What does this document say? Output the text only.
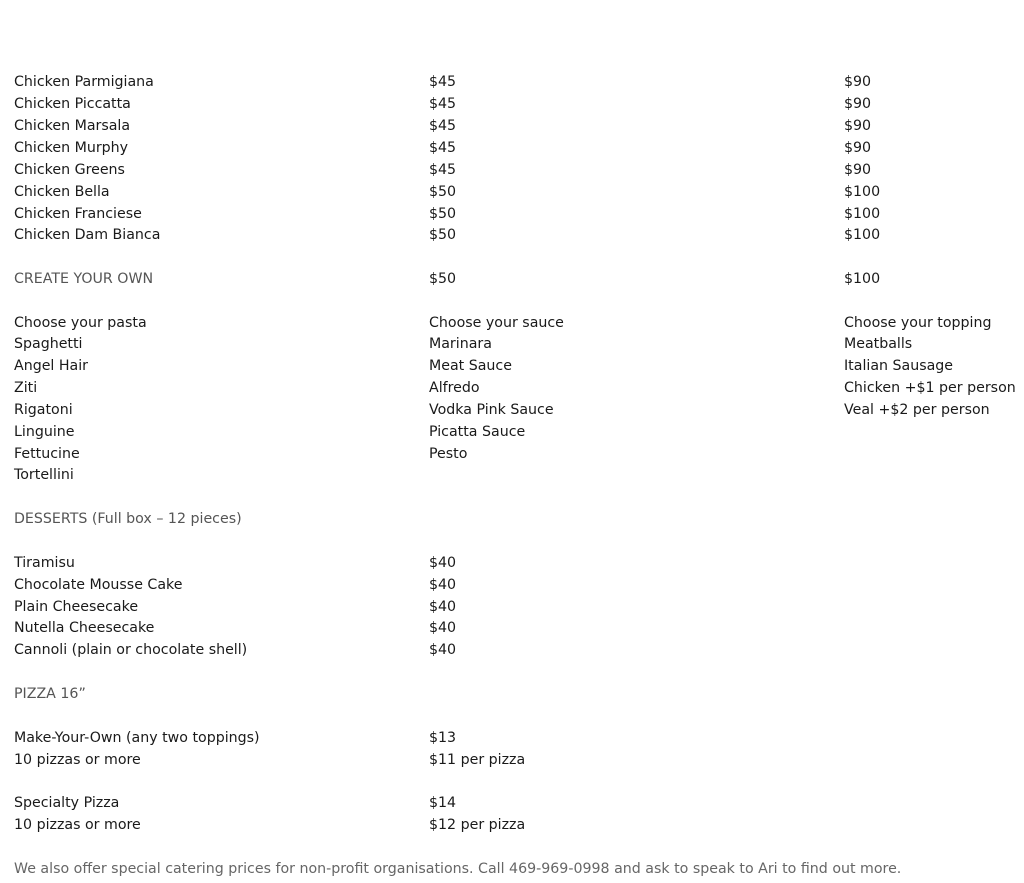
Chicken Parmigiana	$45	$90
Chicken Piccatta	$45	$90
Chicken Marsala	$45	$90
Chicken Murphy	$45	$90
Chicken Greens	$45	$90
Chicken Bella	$50	$100
Chicken Franciese	$50	$100
Chicken Dam Bianca	$50	$100
CREATE YOUR OWN	$50	$100
Choose your pasta	Choose your sauce	Choose your topping
Spaghetti	Marinara	Meatballs
Angel Hair	Meat Sauce	Italian Sausage
Ziti	Alfredo	Chicken +$1 per person
Rigatoni	Vodka Pink Sauce	Veal +$2 per person
Linguine	Picatta Sauce
Fettucine	Pesto
Tortellini
DESSERTS (Full box – 12 pieces)
Tiramisu	$40
Chocolate Mousse Cake	$40
Plain Cheesecake	$40
Nutella Cheesecake	$40
Cannoli (plain or chocolate shell)	$40
PIZZA 16”
Make-Your-Own (any two toppings)	$13
10 pizzas or more	$11 per pizza
Specialty Pizza	$14
10 pizzas or more	$12 per pizza
We also offer special catering prices for non-profit organisations. Call 469-969-0998 and ask to speak to Ari to find out more.
